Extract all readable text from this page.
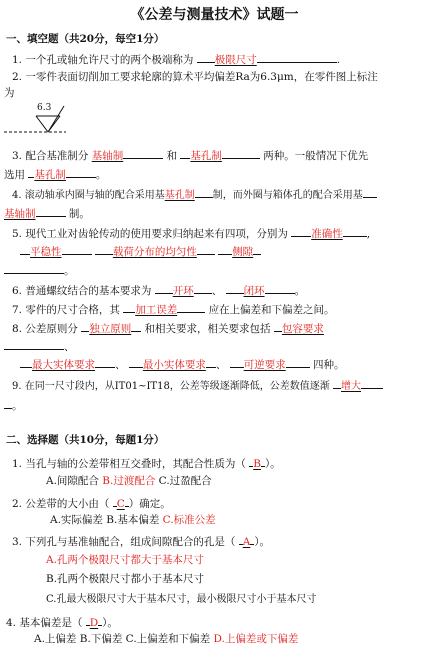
《公差与测量技术》试题一
一、填空题（共20分，每空1分）
1. 一个孔或轴允许尺寸的两个极端称为 极限尺寸	.
2. 一零件表面切削加工要求轮廓的算术平均偏差Ra为6.3μm，在零件图上标注
为
6.3
3. 配合基准制分 基轴制	和 基孔制	两种。一般情况下优先
选用 基孔制	。
4. 滚动轴承内圈与轴的配合采用基基孔制 制，而外圈与箱体孔的配合采用基
基轴制	制。
5. 现代工业对齿轮传动的使用要求归纳起来有四项，分别为 准确性 ,
平稳性	载荷分布的均匀性	侧隙
。
6. 普通螺纹结合的基本要求为 开环 、 闭环	。
7. 零件的尺寸合格，其 加工误差	应在上偏差和下偏差之间。
8. 公差原则分 独立原则 和相关要求，相关要求包括 包容要求
、
最大实体要求 、 最小实体要求 、 可逆要求	四种。
9. 在同一尺寸段内，从IT01~IT18，公差等级逐渐降低，公差数值逐渐 增大
。
二、选择题（共10分，每题1分）
1. 当孔与轴的公差带相互交叠时，其配合性质为（ B ）。
A.间隙配合 B.过渡配合 C.过盈配合
2. 公差带的大小由（ C ）确定。
A.实际偏差 B.基本偏差 C.标准公差
3. 下列孔与基准轴配合，组成间隙配合的孔是（ A ）。
A.孔两个极限尺寸都大于基本尺寸
B.孔两个极限尺寸都小于基本尺寸
C.孔最大极限尺寸大于基本尺寸，最小极限尺寸小于基本尺寸
4. 基本偏差是（ D ）。
A.上偏差 B.下偏差 C.上偏差和下偏差 D.上偏差或下偏差
